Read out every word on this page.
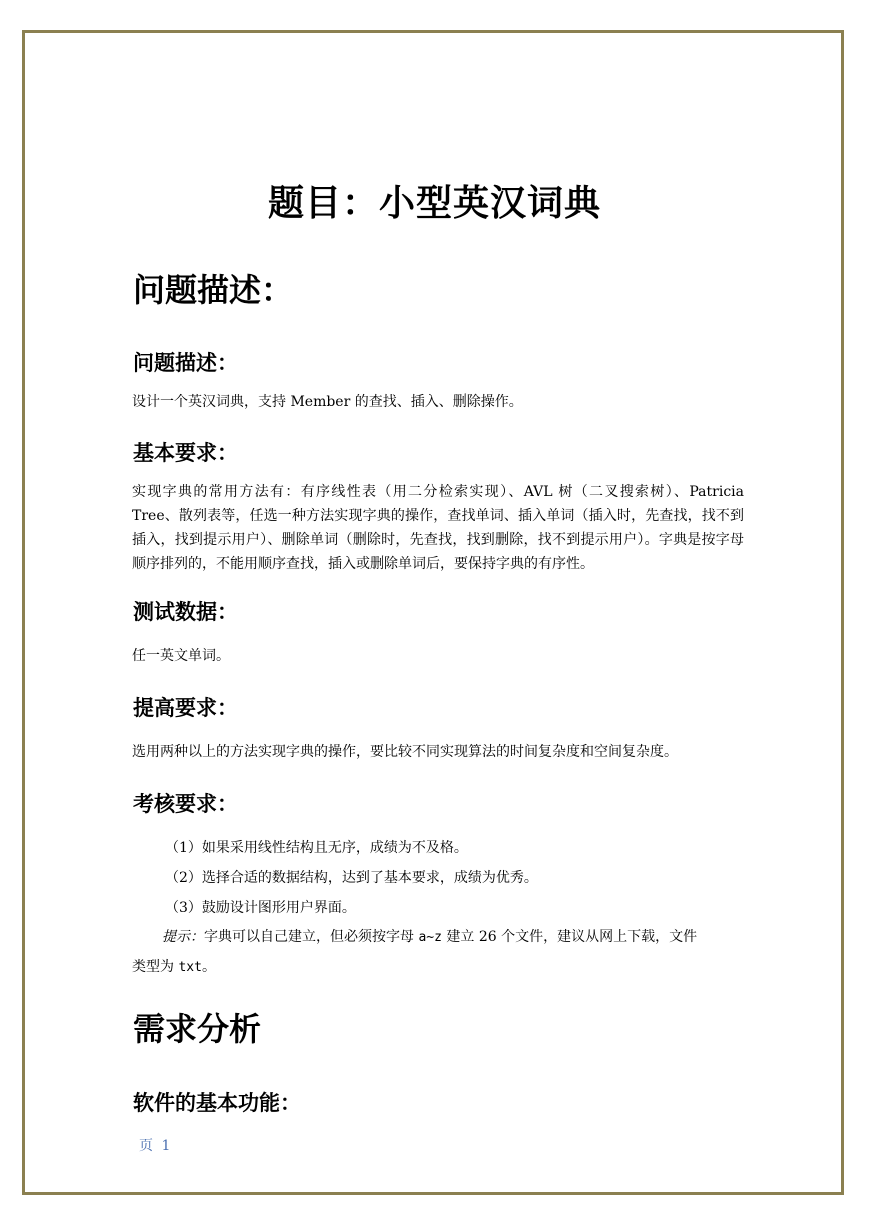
题目：小型英汉词典
问题描述：
问题描述：
设计一个英汉词典，支持 Member 的查找、插入、删除操作。
基本要求：
实现字典的常用方法有：有序线性表（用二分检索实现）、AVL 树（二叉搜索树）、Patricia Tree、散列表等，任选一种方法实现字典的操作，查找单词、插入单词（插入时，先查找，找不到插入，找到提示用户）、删除单词（删除时，先查找，找到删除，找不到提示用户）。字典是按字母顺序排列的，不能用顺序查找，插入或删除单词后，要保持字典的有序性。
测试数据：
任一英文单词。
提高要求：
选用两种以上的方法实现字典的操作，要比较不同实现算法的时间复杂度和空间复杂度。
考核要求：
（1）如果采用线性结构且无序，成绩为不及格。
（2）选择合适的数据结构，达到了基本要求，成绩为优秀。
（3）鼓励设计图形用户界面。
提示：字典可以自己建立，但必须按字母 a~z 建立 26 个文件，建议从网上下载，文件
类型为 txt。
需求分析
软件的基本功能：
页 1
